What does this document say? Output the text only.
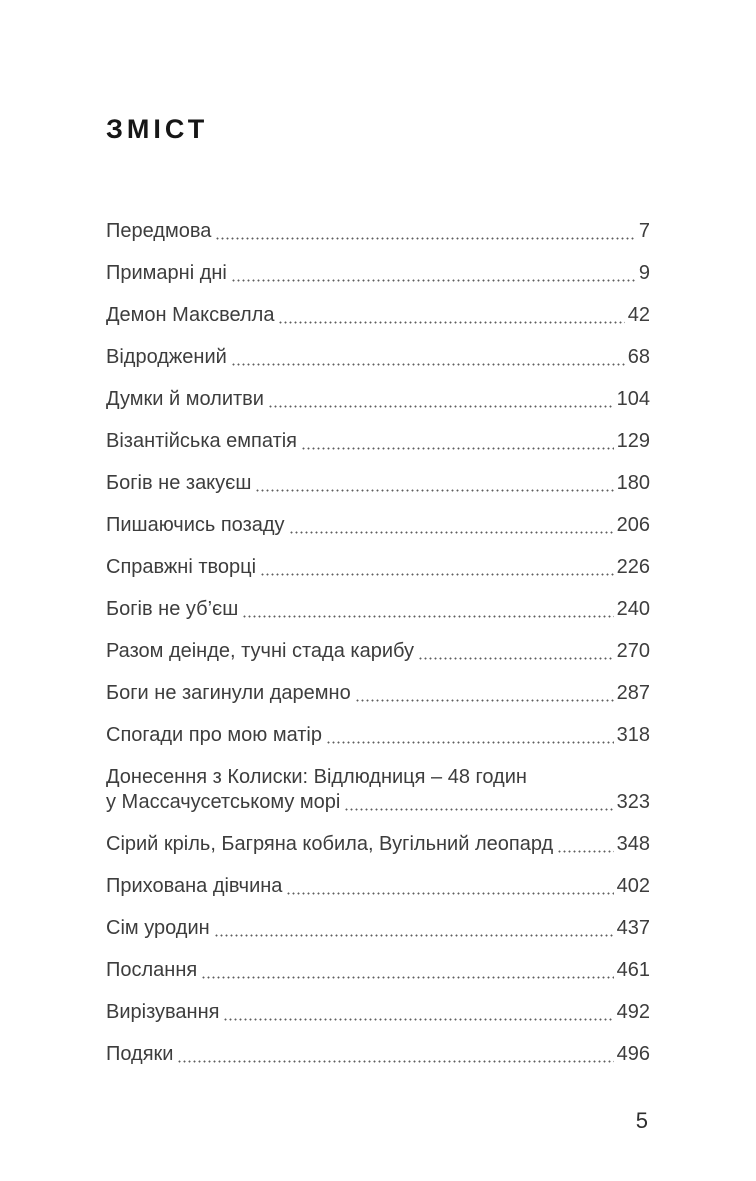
ЗМІСТ
Передмова	7
Примарні дні	9
Демон Максвелла	42
Відроджений	68
Думки й молитви	104
Візантійська емпатія	129
Богів не закуєш	180
Пишаючись позаду	206
Справжні творці	226
Богів не уб’єш	240
Разом деінде, тучні стада карибу	270
Боги не загинули даремно	287
Спогади про мою матір	318
Донесення з Колиски: Відлюдниця – 48 годин
у Массачусетському морі	323
Сірий кріль, Багряна кобила, Вугільний леопард	348
Прихована дівчина	402
Сім уродин	437
Послання	461
Вирізування	492
Подяки	496
5
